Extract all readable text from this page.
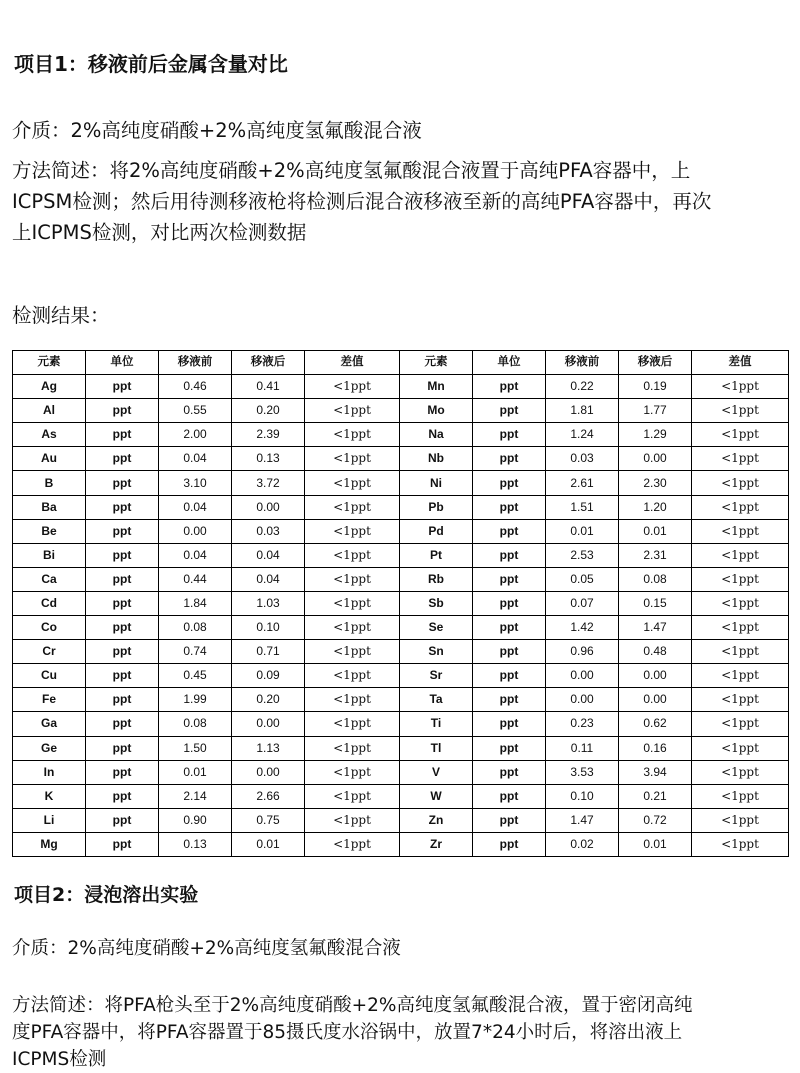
项目1：移液前后金属含量对比
介质：2%高纯度硝酸+2%高纯度氢氟酸混合液
方法简述：将2%高纯度硝酸+2%高纯度氢氟酸混合液置于高纯PFA容器中，上
ICPSM检测；然后用待测移液枪将检测后混合液移液至新的高纯PFA容器中，再次
上ICPMS检测，对比两次检测数据
检测结果：
元素	单位	移液前	移液后	差值	元素	单位	移液前	移液后	差值
Ag	ppt	0.46	0.41	<1ppt	Mn	ppt	0.22	0.19	<1ppt
Al	ppt	0.55	0.20	<1ppt	Mo	ppt	1.81	1.77	<1ppt
As	ppt	2.00	2.39	<1ppt	Na	ppt	1.24	1.29	<1ppt
Au	ppt	0.04	0.13	<1ppt	Nb	ppt	0.03	0.00	<1ppt
B	ppt	3.10	3.72	<1ppt	Ni	ppt	2.61	2.30	<1ppt
Ba	ppt	0.04	0.00	<1ppt	Pb	ppt	1.51	1.20	<1ppt
Be	ppt	0.00	0.03	<1ppt	Pd	ppt	0.01	0.01	<1ppt
Bi	ppt	0.04	0.04	<1ppt	Pt	ppt	2.53	2.31	<1ppt
Ca	ppt	0.44	0.04	<1ppt	Rb	ppt	0.05	0.08	<1ppt
Cd	ppt	1.84	1.03	<1ppt	Sb	ppt	0.07	0.15	<1ppt
Co	ppt	0.08	0.10	<1ppt	Se	ppt	1.42	1.47	<1ppt
Cr	ppt	0.74	0.71	<1ppt	Sn	ppt	0.96	0.48	<1ppt
Cu	ppt	0.45	0.09	<1ppt	Sr	ppt	0.00	0.00	<1ppt
Fe	ppt	1.99	0.20	<1ppt	Ta	ppt	0.00	0.00	<1ppt
Ga	ppt	0.08	0.00	<1ppt	Ti	ppt	0.23	0.62	<1ppt
Ge	ppt	1.50	1.13	<1ppt	Tl	ppt	0.11	0.16	<1ppt
In	ppt	0.01	0.00	<1ppt	V	ppt	3.53	3.94	<1ppt
K	ppt	2.14	2.66	<1ppt	W	ppt	0.10	0.21	<1ppt
Li	ppt	0.90	0.75	<1ppt	Zn	ppt	1.47	0.72	<1ppt
Mg	ppt	0.13	0.01	<1ppt	Zr	ppt	0.02	0.01	<1ppt
项目2：浸泡溶出实验
介质：2%高纯度硝酸+2%高纯度氢氟酸混合液
方法简述：将PFA枪头至于2%高纯度硝酸+2%高纯度氢氟酸混合液，置于密闭高纯
度PFA容器中，将PFA容器置于85摄氏度水浴锅中，放置7*24小时后，将溶出液上
ICPMS检测
